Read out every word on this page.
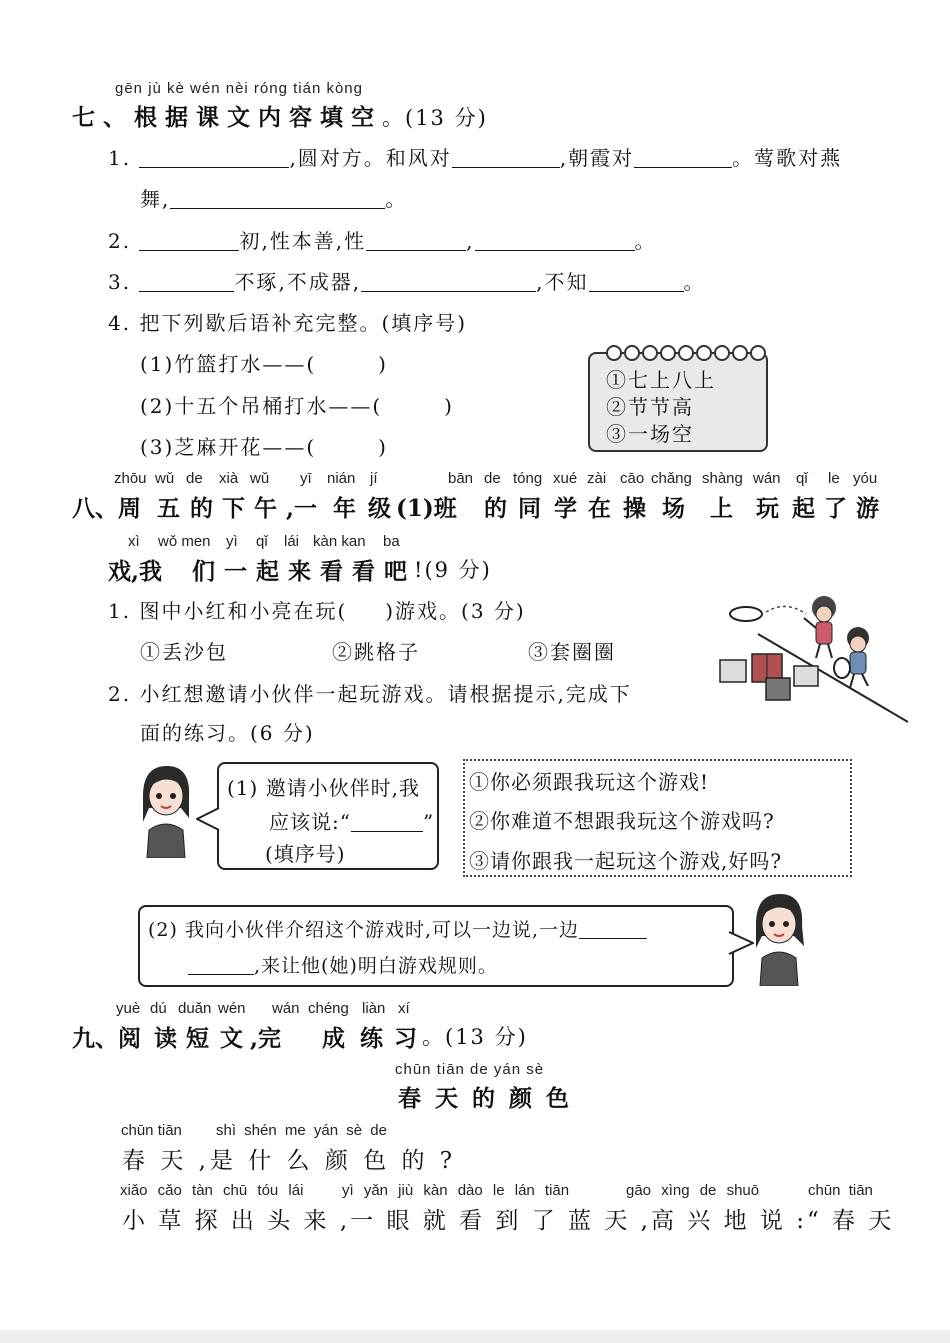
gēn jù kè wén nèi róng tián kòng
七、根据课文内容填空。(13 分)
1.	,圆对方。和风对	,朝霞对	。莺歌对燕
舞,	。
2.	初,性本善,性	,	。
3.	不琢,不成器,	,不知	。
4. 把下列歇后语补充完整。(填序号)
(1)竹篮打水——(	)
(2)十五个吊桶打水——(	)
(3)芝麻开花——(	)
①七上八上
②节节高
③一场空
zhōu wǔ de xià wǔ yī nián jí	bān de tóng xué zài cāo chǎng shàng wán qǐ le yóu
八、周 五 的 下 午 ,一 年 级
(1)班 的 同 学 在 操 场 上 玩 起 了 游
xì wǒ men yì qǐ lái kàn kan ba
戏,我 们 一 起 来 看 看 吧 !(9 分)
1. 图中小红和小亮在玩( )游戏。(3 分)
①丢沙包	②跳格子	③套圈圈
2. 小红想邀请小伙伴一起玩游戏。请根据提示,完成下
面的练习。(6 分)
(1) 邀请小伙伴时,我
应该说:“	”
(填序号)
①你必须跟我玩这个游戏!
②你难道不想跟我玩这个游戏吗?
③请你跟我一起玩这个游戏,好吗?
(2) 我向小伙伴介绍这个游戏时,可以一边说,一边
,来让他(她)明白游戏规则。
yuè dú duǎn wén wán chéng liàn xí
九、阅 读 短 文 ,完 成 练 习
。(13 分)
chūn tiān de yán sè
春 天 的 颜 色
chūn tiān shì shén me yán sè de
春 天 ,是 什 么 颜 色 的 ?
xiǎo cǎo tàn chū tóu lái	yì yǎn jiù kàn dào le lán tiān	gāo xìng de shuō	chūn tiān
小 草 探 出 头 来 ,一 眼 就 看 到 了 蓝 天 ,高 兴 地 说 :“ 春 天
